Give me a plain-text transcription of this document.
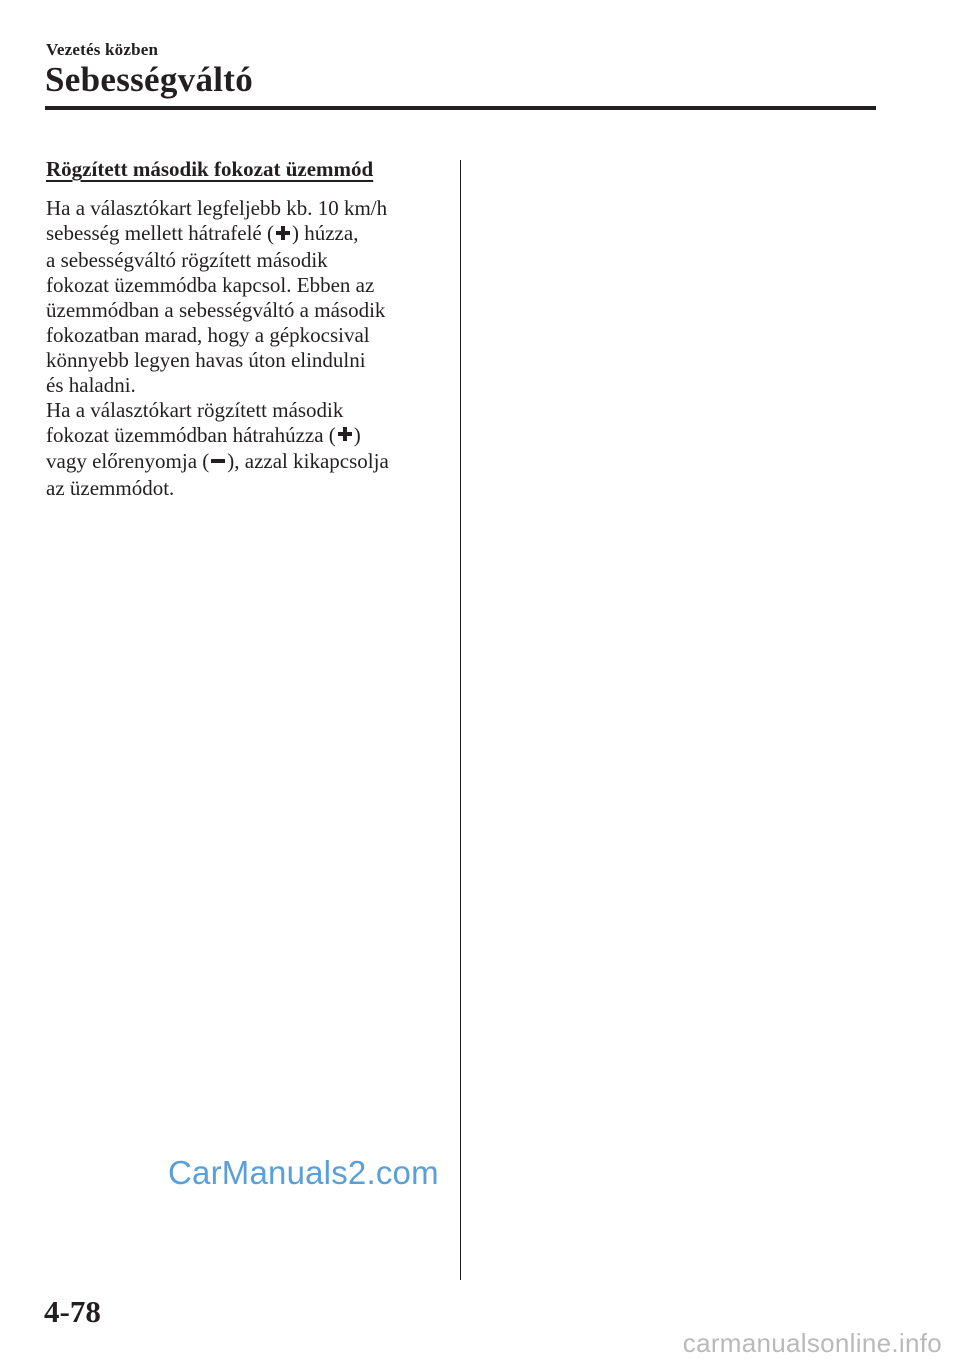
Vezetés közben
Sebességváltó
Rögzített második fokozat üzemmód
Ha a választókart legfeljebb kb. 10 km/h
sebesség mellett hátrafelé ( ) húzza,
a sebességváltó rögzített második
fokozat üzemmódba kapcsol. Ebben az
üzemmódban a sebességváltó a második
fokozatban marad, hogy a gépkocsival
könnyebb legyen havas úton elindulni
és haladni.
Ha a választókart rögzített második
fokozat üzemmódban hátrahúzza ( )
vagy előrenyomja ( ), azzal kikapcsolja
az üzemmódot.
CarManuals2.com
4-78
carmanualsonline.info
